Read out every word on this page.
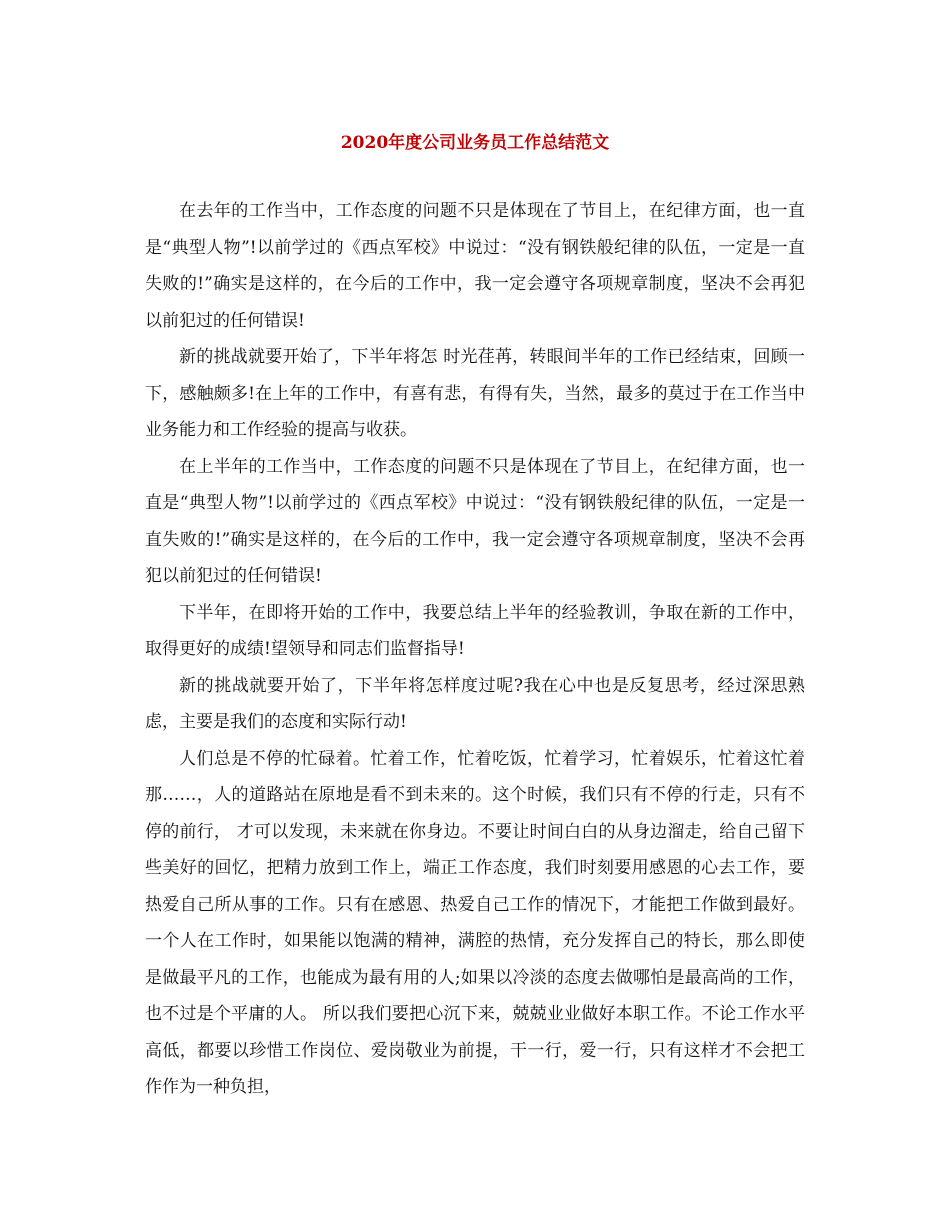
2020年度公司业务员工作总结范文

在去年的工作当中，工作态度的问题不只是体现在了节目上，在纪律方面，也一直是“典型人物”!以前学过的《西点军校》中说过：“没有钢铁般纪律的队伍，一定是一直失败的!”确实是这样的，在今后的工作中，我一定会遵守各项规章制度，坚决不会再犯以前犯过的任何错误!

新的挑战就要开始了，下半年将怎 时光荏苒，转眼间半年的工作已经结束，回顾一下，感触颇多!在上年的工作中，有喜有悲，有得有失，当然，最多的莫过于在工作当中业务能力和工作经验的提高与收获。

在上半年的工作当中，工作态度的问题不只是体现在了节目上，在纪律方面，也一直是“典型人物”!以前学过的《西点军校》中说过：“没有钢铁般纪律的队伍，一定是一直失败的!”确实是这样的，在今后的工作中，我一定会遵守各项规章制度，坚决不会再犯以前犯过的任何错误!

下半年，在即将开始的工作中，我要总结上半年的经验教训，争取在新的工作中，取得更好的成绩!望领导和同志们监督指导!

新的挑战就要开始了，下半年将怎样度过呢?我在心中也是反复思考，经过深思熟虑，主要是我们的态度和实际行动!

人们总是不停的忙碌着。忙着工作，忙着吃饭，忙着学习，忙着娱乐，忙着这忙着那……，人的道路站在原地是看不到未来的。这个时候，我们只有不停的行走，只有不停的前行， 才可以发现，未来就在你身边。不要让时间白白的从身边溜走，给自己留下些美好的回忆，把精力放到工作上，端正工作态度，我们时刻要用感恩的心去工作，要热爱自己所从事的工作。只有在感恩、热爱自己工作的情况下，才能把工作做到最好。一个人在工作时，如果能以饱满的精神，满腔的热情，充分发挥自己的特长，那么即使是做最平凡的工作，也能成为最有用的人;如果以冷淡的态度去做哪怕是最高尚的工作，也不过是个平庸的人。 所以我们要把心沉下来，兢兢业业做好本职工作。不论工作水平高低，都要以珍惜工作岗位、爱岗敬业为前提，干一行，爱一行，只有这样才不会把工作作为一种负担，
